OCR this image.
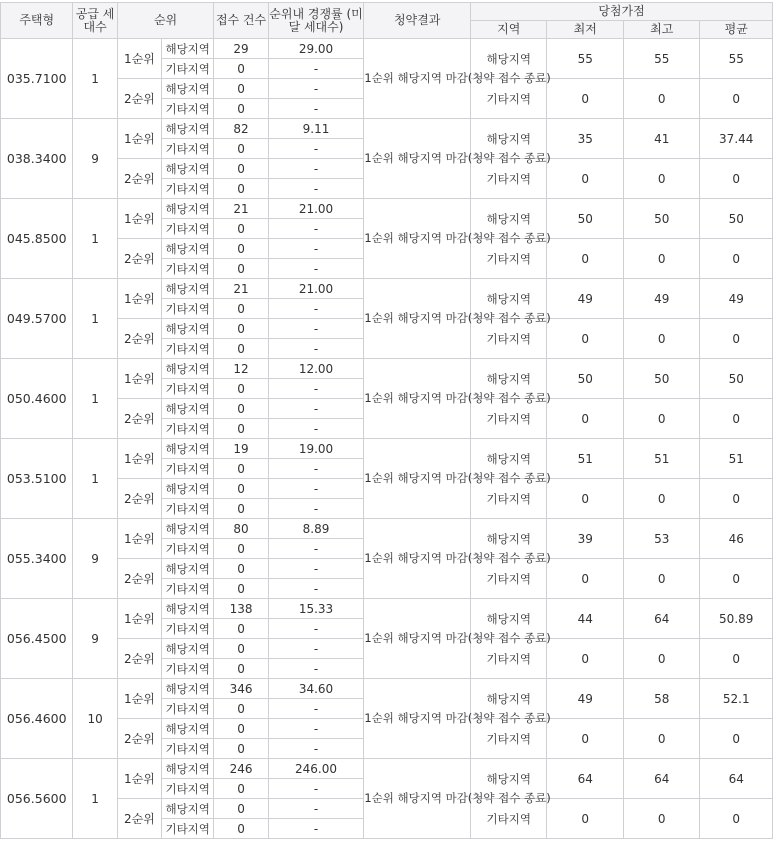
주택형	공급 세대수	순위		접수 건수	순위내 경쟁률 (미달 세대수)	청약결과	당첨가점			
							지역	최저	최고	평균
035.7100	1	1순위	해당지역	29	29.00	1순위 해당지역 마감(청약 접수 종료)	해당지역	55	55	55
			기타지역	0	-					
		2순위	해당지역	0	-		기타지역	0	0	0
			기타지역	0	-					
038.3400	9	1순위	해당지역	82	9.11	1순위 해당지역 마감(청약 접수 종료)	해당지역	35	41	37.44
			기타지역	0	-					
		2순위	해당지역	0	-		기타지역	0	0	0
			기타지역	0	-					
045.8500	1	1순위	해당지역	21	21.00	1순위 해당지역 마감(청약 접수 종료)	해당지역	50	50	50
			기타지역	0	-					
		2순위	해당지역	0	-		기타지역	0	0	0
			기타지역	0	-					
049.5700	1	1순위	해당지역	21	21.00	1순위 해당지역 마감(청약 접수 종료)	해당지역	49	49	49
			기타지역	0	-					
		2순위	해당지역	0	-		기타지역	0	0	0
			기타지역	0	-					
050.4600	1	1순위	해당지역	12	12.00	1순위 해당지역 마감(청약 접수 종료)	해당지역	50	50	50
			기타지역	0	-					
		2순위	해당지역	0	-		기타지역	0	0	0
			기타지역	0	-					
053.5100	1	1순위	해당지역	19	19.00	1순위 해당지역 마감(청약 접수 종료)	해당지역	51	51	51
			기타지역	0	-					
		2순위	해당지역	0	-		기타지역	0	0	0
			기타지역	0	-					
055.3400	9	1순위	해당지역	80	8.89	1순위 해당지역 마감(청약 접수 종료)	해당지역	39	53	46
			기타지역	0	-					
		2순위	해당지역	0	-		기타지역	0	0	0
			기타지역	0	-					
056.4500	9	1순위	해당지역	138	15.33	1순위 해당지역 마감(청약 접수 종료)	해당지역	44	64	50.89
			기타지역	0	-					
		2순위	해당지역	0	-		기타지역	0	0	0
			기타지역	0	-					
056.4600	10	1순위	해당지역	346	34.60	1순위 해당지역 마감(청약 접수 종료)	해당지역	49	58	52.1
			기타지역	0	-					
		2순위	해당지역	0	-		기타지역	0	0	0
			기타지역	0	-					
056.5600	1	1순위	해당지역	246	246.00	1순위 해당지역 마감(청약 접수 종료)	해당지역	64	64	64
			기타지역	0	-					
		2순위	해당지역	0	-		기타지역	0	0	0
			기타지역	0	-					
